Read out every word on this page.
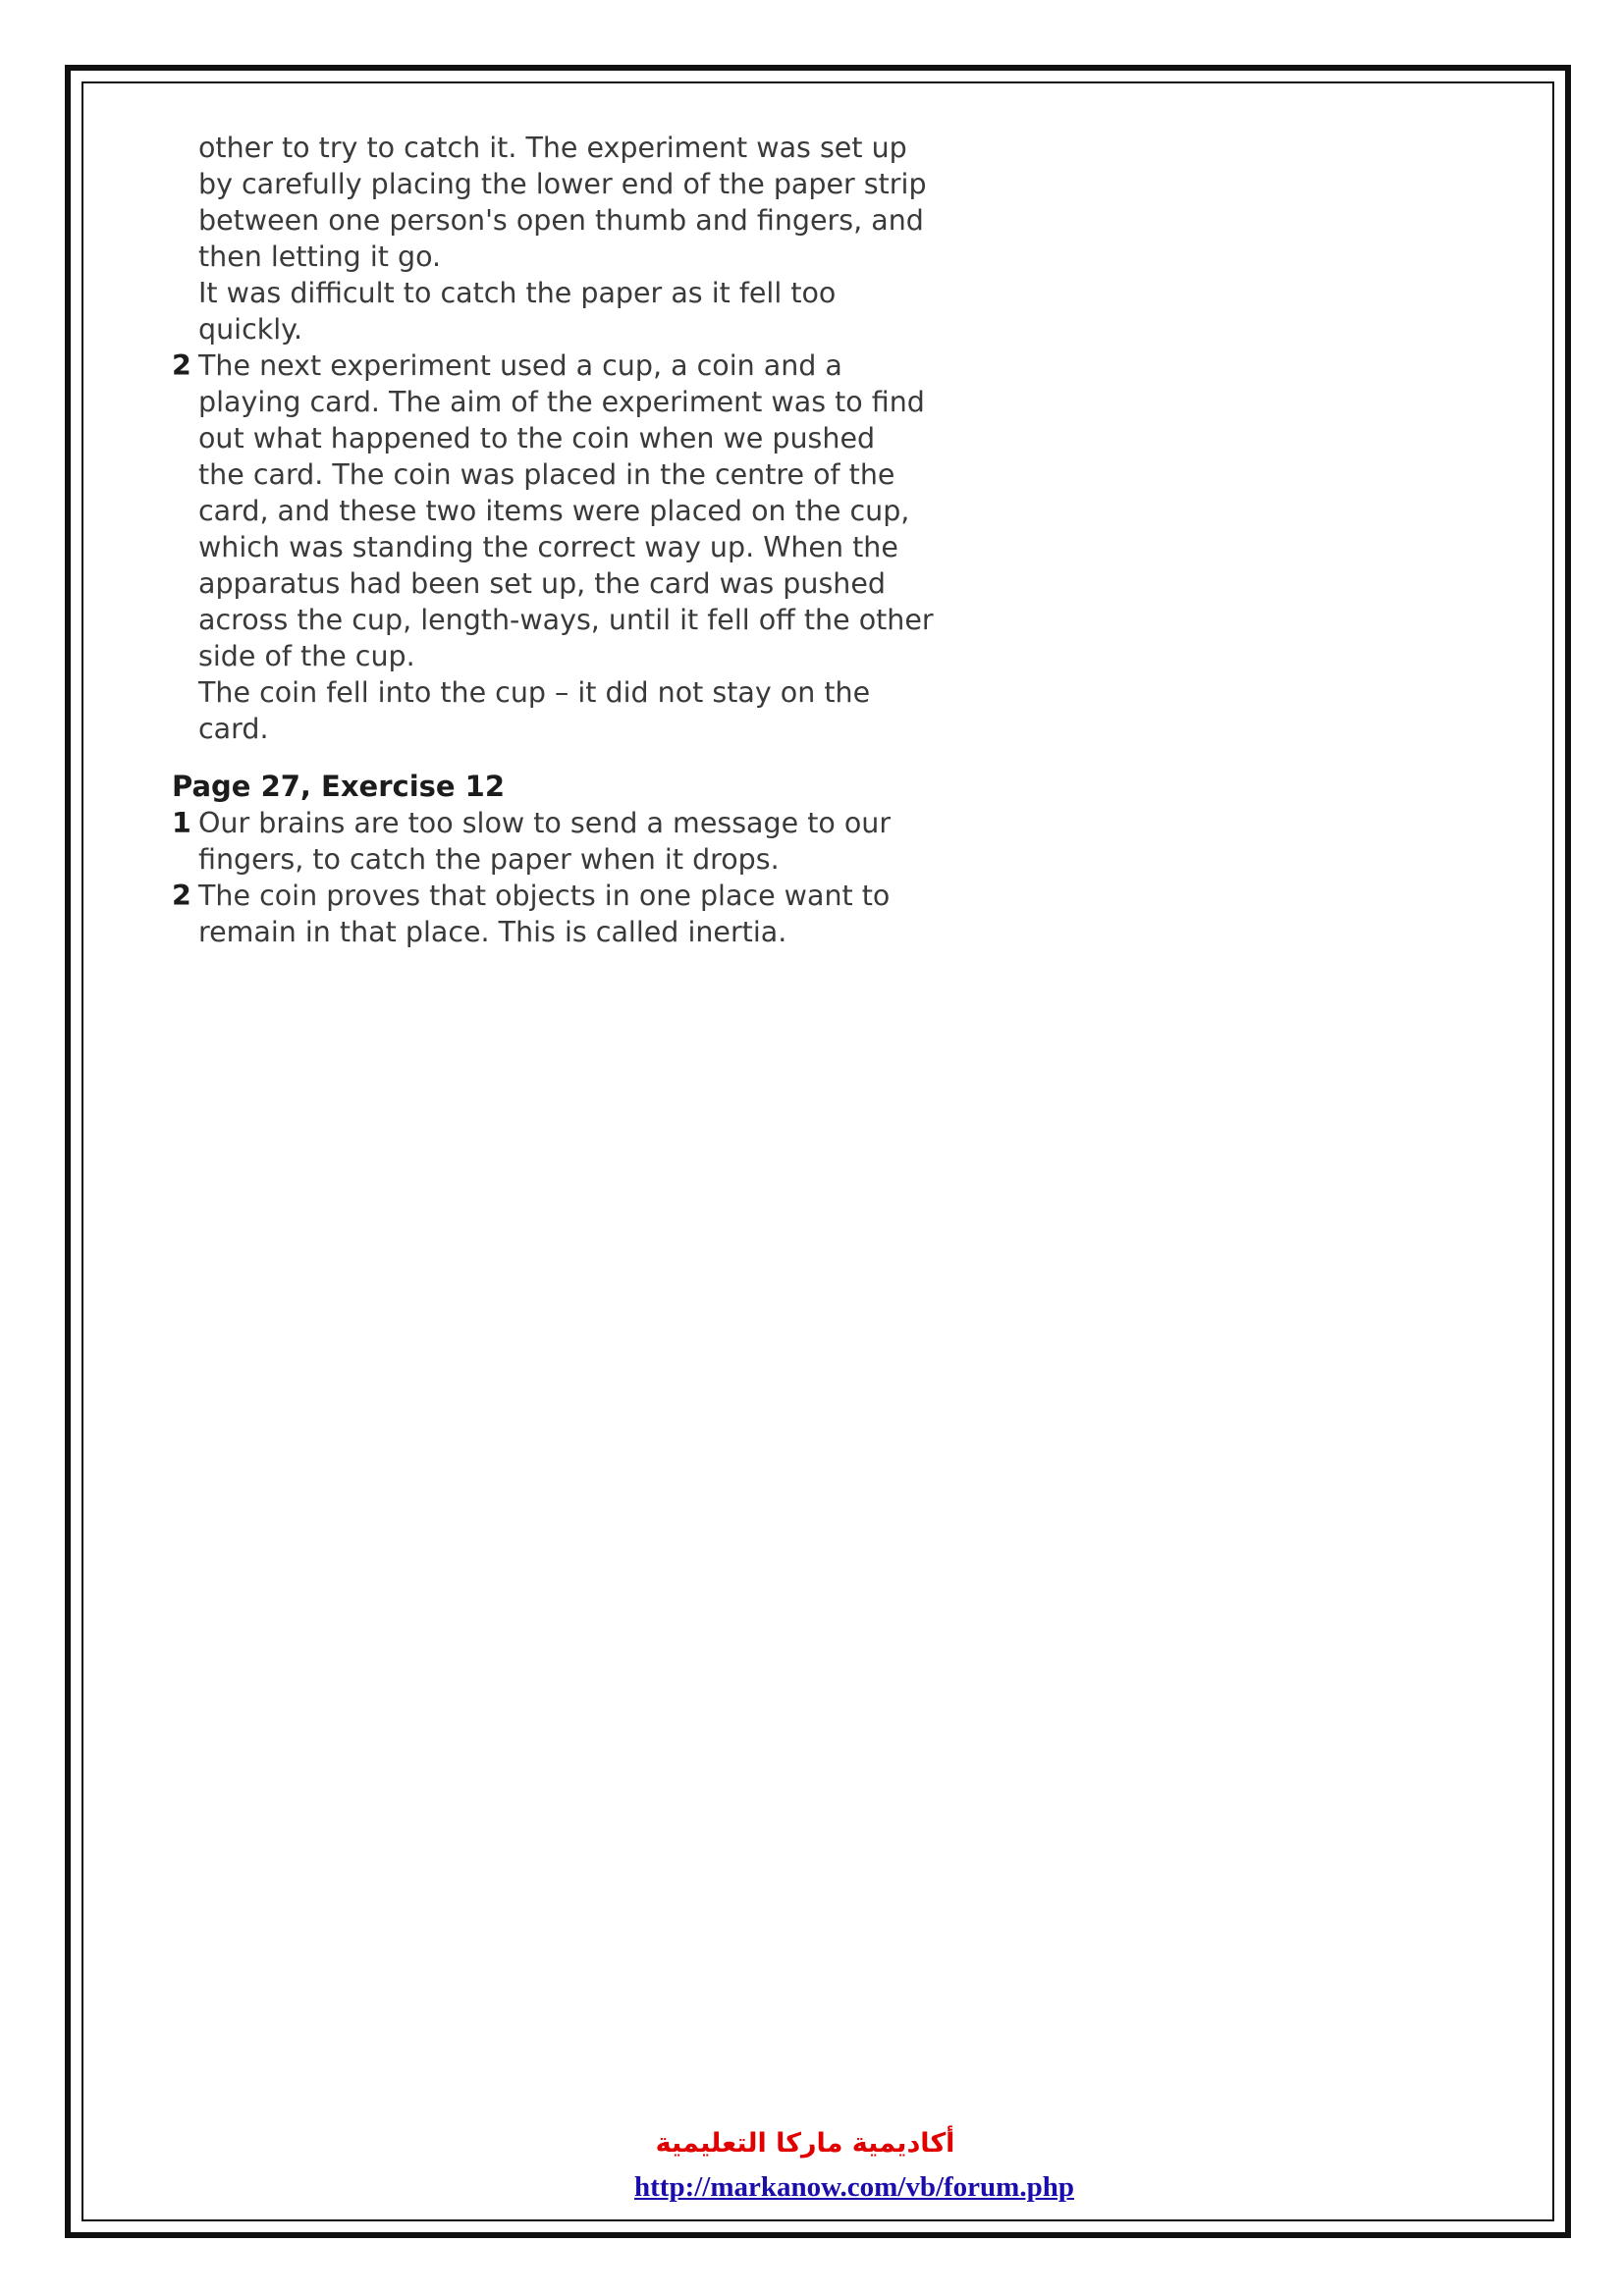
other to try to catch it. The experiment was set up
by carefully placing the lower end of the paper strip
between one person's open thumb and fingers, and
then letting it go.
It was difficult to catch the paper as it fell too
quickly.
2 The next experiment used a cup, a coin and a
playing card. The aim of the experiment was to find
out what happened to the coin when we pushed
the card. The coin was placed in the centre of the
card, and these two items were placed on the cup,
which was standing the correct way up. When the
apparatus had been set up, the card was pushed
across the cup, length-ways, until it fell off the other
side of the cup.
The coin fell into the cup – it did not stay on the card.
Page 27, Exercise 12
1 Our brains are too slow to send a message to our
fingers, to catch the paper when it drops.
2 The coin proves that objects in one place want to
remain in that place. This is called inertia.
أكاديمية ماركا التعليمية
http://markanow.com/vb/forum.php
